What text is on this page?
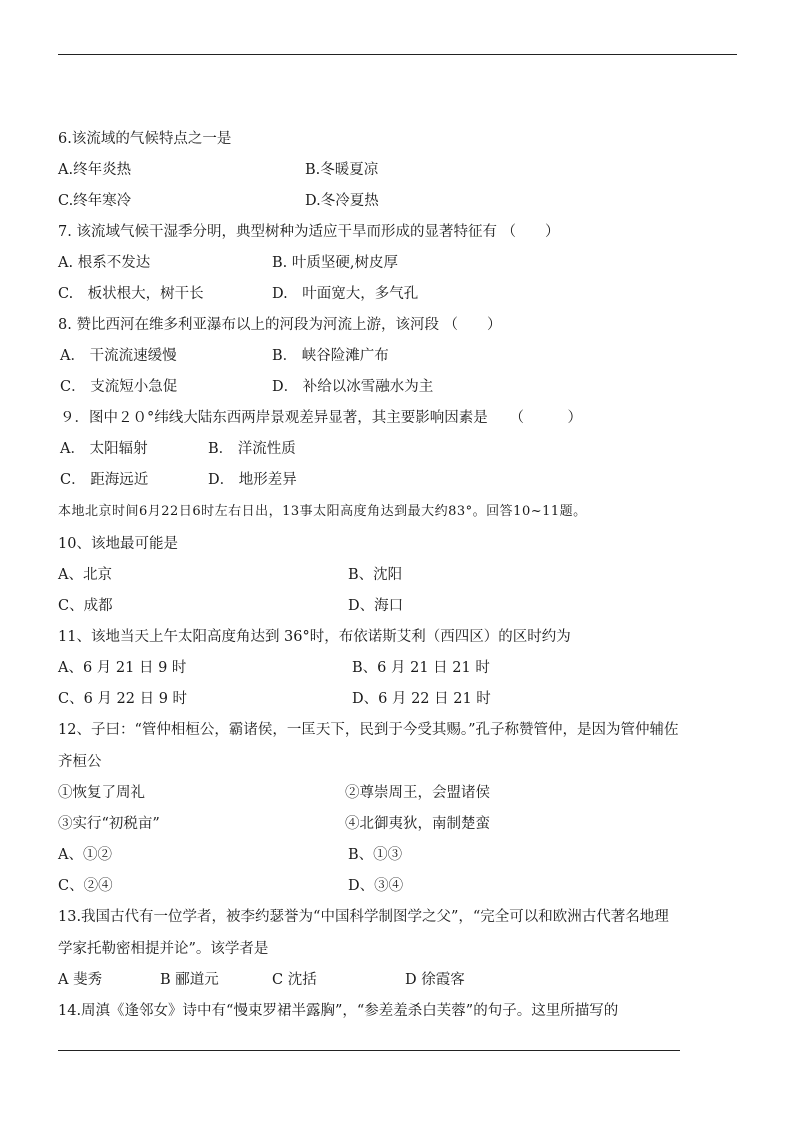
6.该流域的气候特点之一是
A.终年炎热	B.冬暖夏凉
C.终年寒冷	D.冬冷夏热
7. 该流域气候干湿季分明，典型树种为适应干旱而形成的显著特征有 （　　）
A. 根系不发达	B. 叶质坚硬,树皮厚
C.　板状根大，树干长	D.　叶面宽大，多气孔
8. 赞比西河在维多利亚瀑布以上的河段为河流上游，该河段 （　　）
A． 干流流速缓慢	B． 峡谷险滩广布
C． 支流短小急促	D． 补给以冰雪融水为主
９．图中２０°纬线大陆东西两岸景观差异显著，其主要影响因素是　　（　　　）
A． 太阳辐射	B． 洋流性质
C． 距海远近	D． 地形差异
本地北京时间6月22日6时左右日出，13事太阳高度角达到最大约83°。回答10~11题。
10、该地最可能是
A、北京	B、沈阳
C、成都	D、海口
11、该地当天上午太阳高度角达到 36°时，布依诺斯艾利（西四区）的区时约为
A、6 月 21 日 9 时	B、6 月 21 日 21 时
C、6 月 22 日 9 时	D、6 月 22 日 21 时
12、子曰：“管仲相桓公，霸诸侯，一匡天下，民到于今受其赐。”孔子称赞管仲，是因为管仲辅佐
齐桓公
①恢复了周礼	②尊崇周王，会盟诸侯
③实行“初税亩”	④北御夷狄，南制楚蛮
A、①②	B、①③
C、②④	D、③④
13.我国古代有一位学者，被李约瑟誉为“中国科学制图学之父”，“完全可以和欧洲古代著名地理
学家托勒密相提并论”。该学者是
A 斐秀	B 郦道元	C 沈括	D 徐霞客
14.周滇《逢邻女》诗中有“慢束罗裙半露胸”，“参差羞杀白芙蓉”的句子。这里所描写的
